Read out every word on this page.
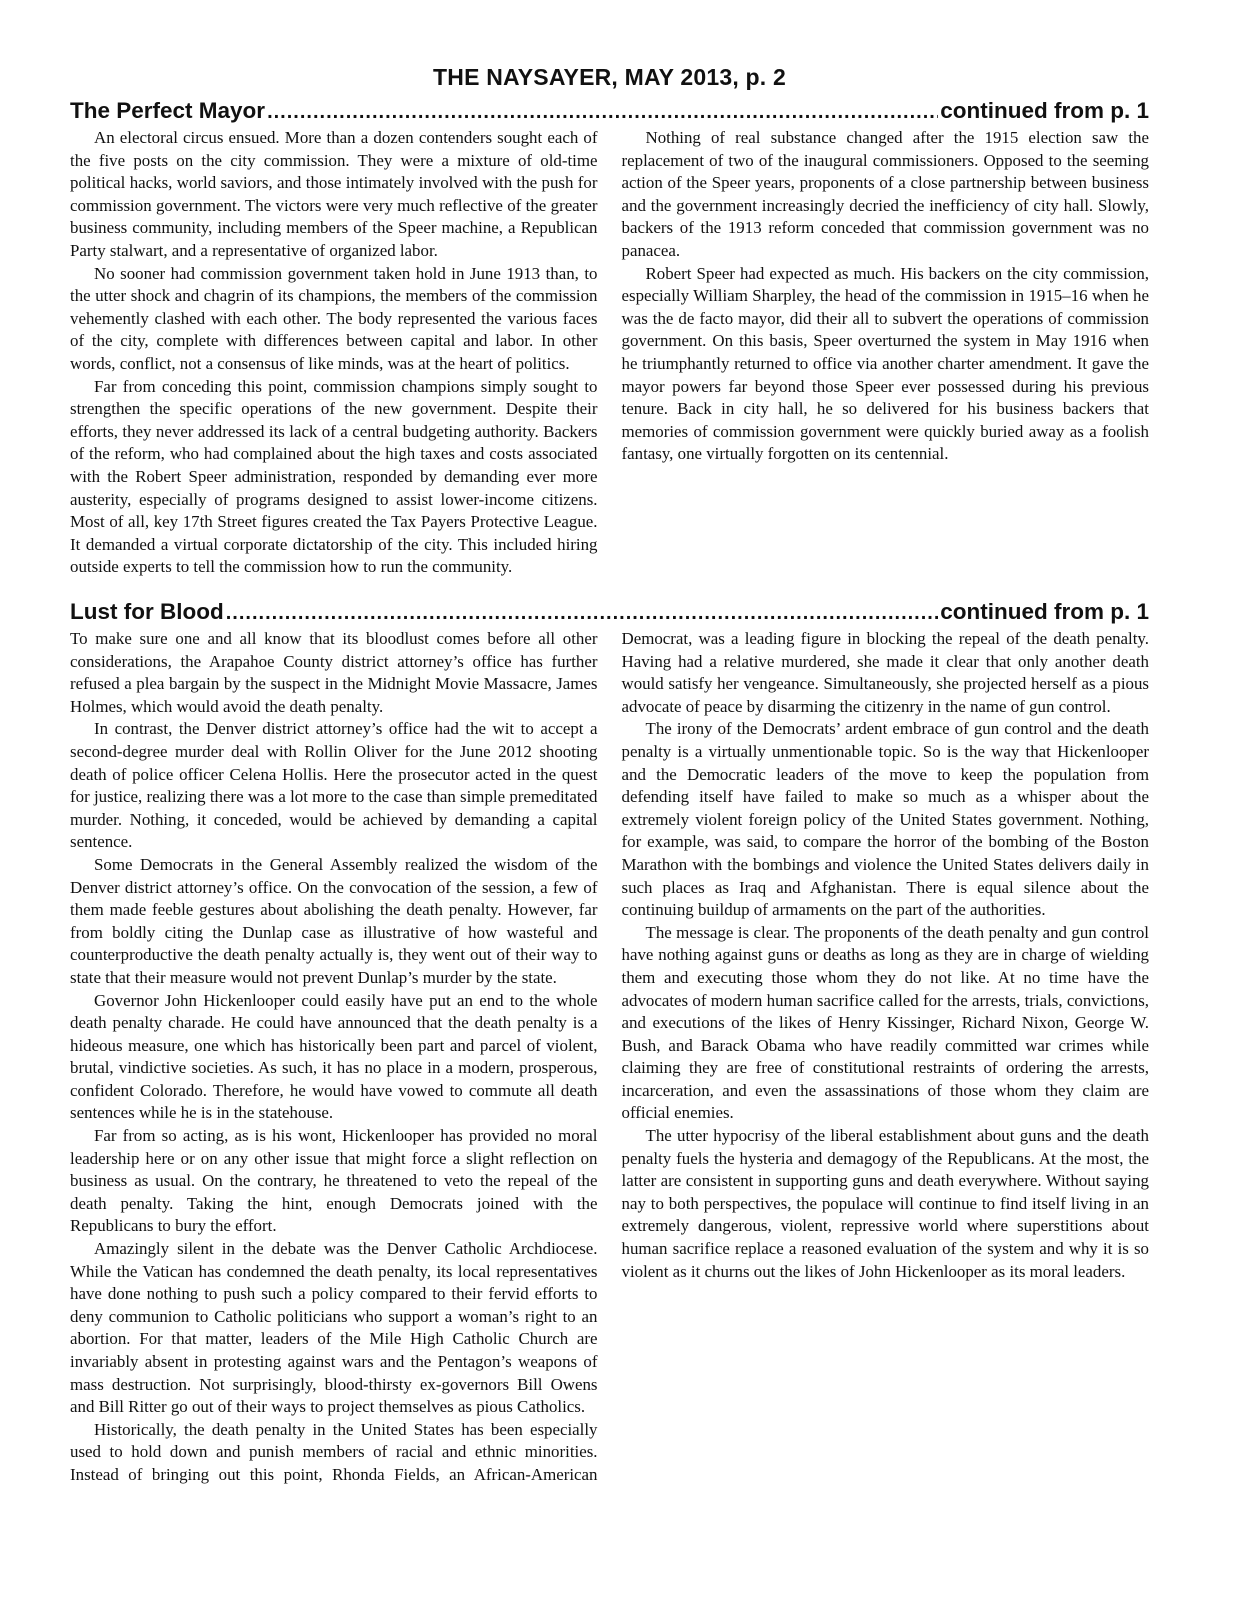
THE NAYSAYER, MAY 2013, p. 2
The Perfect Mayor .....	continued from p. 1

An electoral circus ensued. More than a dozen contenders sought each of the five posts on the city commission. They were a mixture of old-time political hacks, world saviors, and those intimately involved with the push for commission government. The victors were very much reflective of the greater business community, including members of the Speer machine, a Republican Party stalwart, and a representative of organized labor.

No sooner had commission government taken hold in June 1913 than, to the utter shock and chagrin of its champions, the members of the commission vehemently clashed with each other. The body represented the various faces of the city, complete with differences between capital and labor. In other words, conflict, not a consensus of like minds, was at the heart of politics.

Far from conceding this point, commission champions simply sought to strengthen the specific operations of the new government. Despite their efforts, they never addressed its lack of a central budgeting authority. Backers of the reform, who had complained about the high taxes and costs associated with the Robert Speer administration, responded by demanding ever more austerity, especially of programs designed to assist lower-income citizens. Most of all, key 17th Street figures created the Tax Payers Protective League. It demanded a virtual corporate dictatorship of the city. This included hiring outside experts to tell the commission how to run the community.

Nothing of real substance changed after the 1915 election saw the replacement of two of the inaugural commissioners. Opposed to the seeming action of the Speer years, proponents of a close partnership between business and the government increasingly decried the inefficiency of city hall. Slowly, backers of the 1913 reform conceded that commission government was no panacea.

Robert Speer had expected as much. His backers on the city commission, especially William Sharpley, the head of the commission in 1915–16 when he was the de facto mayor, did their all to subvert the operations of commission government. On this basis, Speer overturned the system in May 1916 when he triumphantly returned to office via another charter amendment. It gave the mayor powers far beyond those Speer ever possessed during his previous tenure. Back in city hall, he so delivered for his business backers that memories of commission government were quickly buried away as a foolish fantasy, one virtually forgotten on its centennial.

Lust for Blood .....	continued from p. 1

To make sure one and all know that its bloodlust comes before all other considerations, the Arapahoe County district attorney’s office has further refused a plea bargain by the suspect in the Midnight Movie Massacre, James Holmes, which would avoid the death penalty.

In contrast, the Denver district attorney’s office had the wit to accept a second-degree murder deal with Rollin Oliver for the June 2012 shooting death of police officer Celena Hollis. Here the prosecutor acted in the quest for justice, realizing there was a lot more to the case than simple premeditated murder. Nothing, it conceded, would be achieved by demanding a capital sentence.

Some Democrats in the General Assembly realized the wisdom of the Denver district attorney’s office. On the convocation of the session, a few of them made feeble gestures about abolishing the death penalty. However, far from boldly citing the Dunlap case as illustrative of how wasteful and counterproductive the death penalty actually is, they went out of their way to state that their measure would not prevent Dunlap’s murder by the state.

Governor John Hickenlooper could easily have put an end to the whole death penalty charade. He could have announced that the death penalty is a hideous measure, one which has historically been part and parcel of violent, brutal, vindictive societies. As such, it has no place in a modern, prosperous, confident Colorado. Therefore, he would have vowed to commute all death sentences while he is in the statehouse.

Far from so acting, as is his wont, Hickenlooper has provided no moral leadership here or on any other issue that might force a slight reflection on business as usual. On the contrary, he threatened to veto the repeal of the death penalty. Taking the hint, enough Democrats joined with the Republicans to bury the effort.

Amazingly silent in the debate was the Denver Catholic Archdiocese. While the Vatican has condemned the death penalty, its local representatives have done nothing to push such a policy compared to their fervid efforts to deny communion to Catholic politicians who support a woman’s right to an abortion. For that matter, leaders of the Mile High Catholic Church are invariably absent in protesting against wars and the Pentagon’s weapons of mass destruction. Not surprisingly, blood-thirsty ex-governors Bill Owens and Bill Ritter go out of their ways to project themselves as pious Catholics.

Historically, the death penalty in the United States has been especially used to hold down and punish members of racial and ethnic minorities. Instead of bringing out this point, Rhonda Fields, an African-American Democrat, was a leading figure in blocking the repeal of the death penalty. Having had a relative murdered, she made it clear that only another death would satisfy her vengeance. Simultaneously, she projected herself as a pious advocate of peace by disarming the citizenry in the name of gun control.

The irony of the Democrats’ ardent embrace of gun control and the death penalty is a virtually unmentionable topic. So is the way that Hickenlooper and the Democratic leaders of the move to keep the population from defending itself have failed to make so much as a whisper about the extremely violent foreign policy of the United States government. Nothing, for example, was said, to compare the horror of the bombing of the Boston Marathon with the bombings and violence the United States delivers daily in such places as Iraq and Afghanistan. There is equal silence about the continuing buildup of armaments on the part of the authorities.

The message is clear. The proponents of the death penalty and gun control have nothing against guns or deaths as long as they are in charge of wielding them and executing those whom they do not like. At no time have the advocates of modern human sacrifice called for the arrests, trials, convictions, and executions of the likes of Henry Kissinger, Richard Nixon, George W. Bush, and Barack Obama who have readily committed war crimes while claiming they are free of constitutional restraints of ordering the arrests, incarceration, and even the assassinations of those whom they claim are official enemies.

The utter hypocrisy of the liberal establishment about guns and the death penalty fuels the hysteria and demagogy of the Republicans. At the most, the latter are consistent in supporting guns and death everywhere. Without saying nay to both perspectives, the populace will continue to find itself living in an extremely dangerous, violent, repressive world where superstitions about human sacrifice replace a reasoned evaluation of the system and why it is so violent as it churns out the likes of John Hickenlooper as its moral leaders.
